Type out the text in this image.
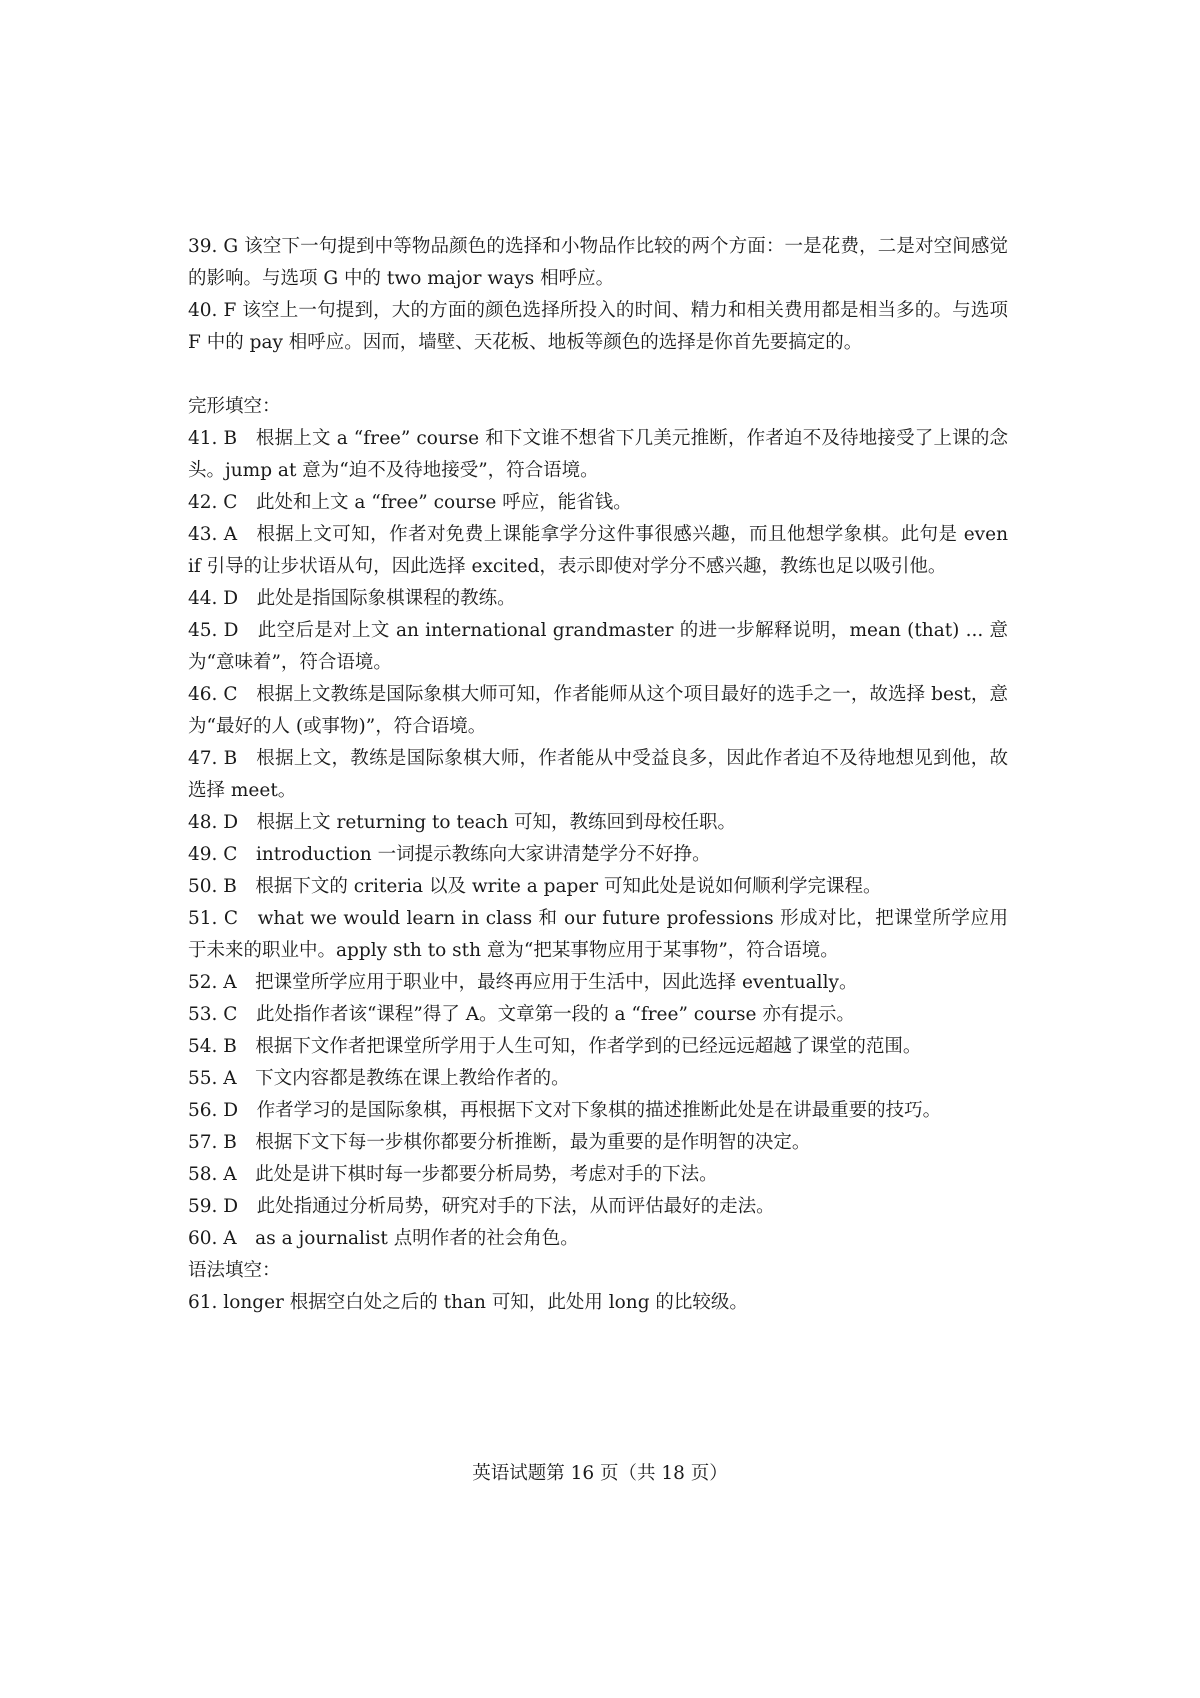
39. G 该空下一句提到中等物品颜色的选择和小物品作比较的两个方面：一是花费，二是对空间感觉的影响。与选项 G 中的 two major ways 相呼应。

40. F 该空上一句提到，大的方面的颜色选择所投入的时间、精力和相关费用都是相当多的。与选项 F 中的 pay 相呼应。因而，墙壁、天花板、地板等颜色的选择是你首先要搞定的。

完形填空：

41. B　根据上文 a “free” course 和下文谁不想省下几美元推断，作者迫不及待地接受了上课的念头。jump at 意为“迫不及待地接受”，符合语境。

42. C　此处和上文 a “free” course 呼应，能省钱。

43. A　根据上文可知，作者对免费上课能拿学分这件事很感兴趣，而且他想学象棋。此句是 even if 引导的让步状语从句，因此选择 excited，表示即使对学分不感兴趣，教练也足以吸引他。

44. D　此处是指国际象棋课程的教练。

45. D　此空后是对上文 an international grandmaster 的进一步解释说明，mean (that) ... 意为“意味着”，符合语境。

46. C　根据上文教练是国际象棋大师可知，作者能师从这个项目最好的选手之一，故选择 best，意为“最好的人 (或事物)”，符合语境。

47. B　根据上文，教练是国际象棋大师，作者能从中受益良多，因此作者迫不及待地想见到他，故选择 meet。

48. D　根据上文 returning to teach 可知，教练回到母校任职。

49. C　introduction 一词提示教练向大家讲清楚学分不好挣。

50. B　根据下文的 criteria 以及 write a paper 可知此处是说如何顺利学完课程。

51. C　what we would learn in class 和 our future professions 形成对比，把课堂所学应用于未来的职业中。apply sth to sth 意为“把某事物应用于某事物”，符合语境。

52. A　把课堂所学应用于职业中，最终再应用于生活中，因此选择 eventually。

53. C　此处指作者该“课程”得了 A。文章第一段的 a “free” course 亦有提示。

54. B　根据下文作者把课堂所学用于人生可知，作者学到的已经远远超越了课堂的范围。

55. A　下文内容都是教练在课上教给作者的。

56. D　作者学习的是国际象棋，再根据下文对下象棋的描述推断此处是在讲最重要的技巧。

57. B　根据下文下每一步棋你都要分析推断，最为重要的是作明智的决定。

58. A　此处是讲下棋时每一步都要分析局势，考虑对手的下法。

59. D　此处指通过分析局势，研究对手的下法，从而评估最好的走法。

60. A　as a journalist 点明作者的社会角色。

语法填空：

61. longer 根据空白处之后的 than 可知，此处用 long 的比较级。

英语试题第 16 页（共 18 页）
